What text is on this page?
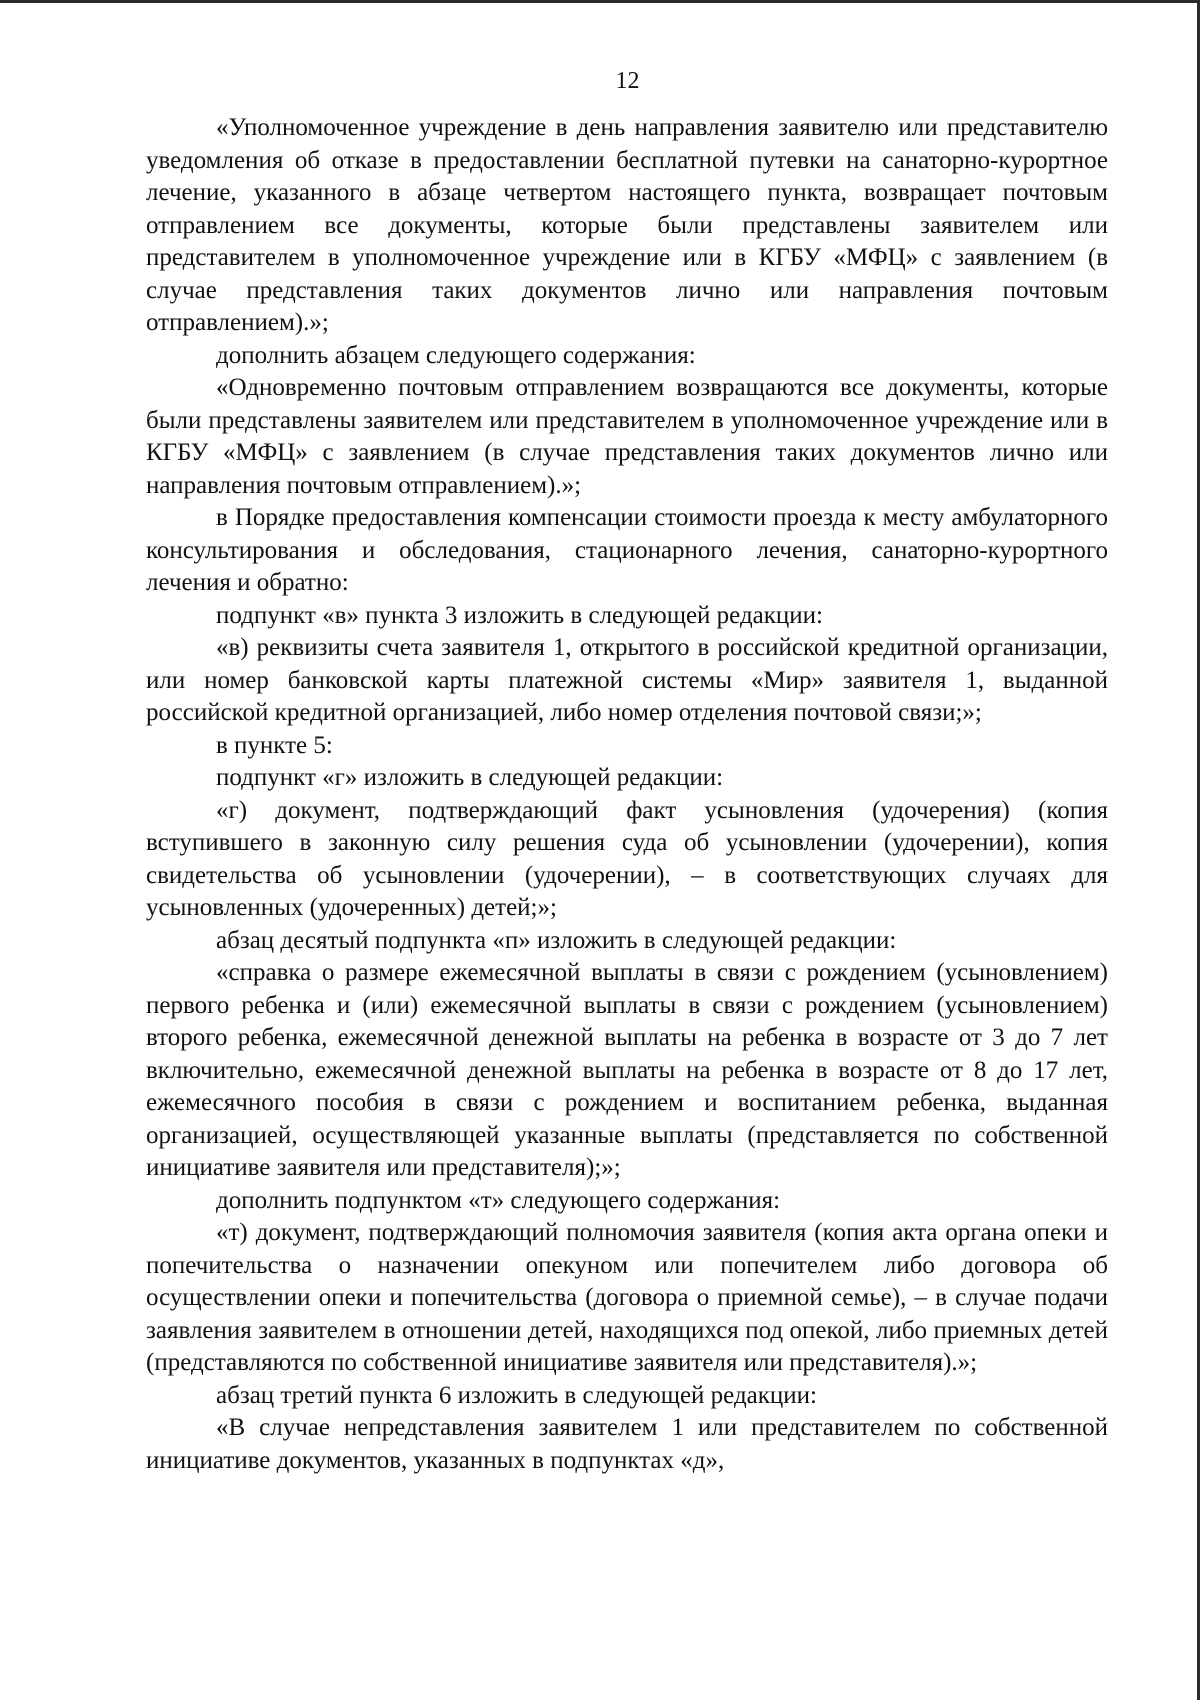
12

«Уполномоченное учреждение в день направления заявителю или представителю уведомления об отказе в предоставлении бесплатной путевки на санаторно-курортное лечение, указанного в абзаце четвертом настоящего пункта, возвращает почтовым отправлением все документы, которые были представлены заявителем или представителем в уполномоченное учреждение или в КГБУ «МФЦ» с заявлением (в случае представления таких документов лично или направления почтовым отправлением).»;

дополнить абзацем следующего содержания:

«Одновременно почтовым отправлением возвращаются все документы, которые были представлены заявителем или представителем в уполномоченное учреждение или в КГБУ «МФЦ» с заявлением (в случае представления таких документов лично или направления почтовым отправлением).»;

в Порядке предоставления компенсации стоимости проезда к месту амбулаторного консультирования и обследования, стационарного лечения, санаторно-курортного лечения и обратно:

подпункт «в» пункта 3 изложить в следующей редакции:

«в) реквизиты счета заявителя 1, открытого в российской кредитной организации, или номер банковской карты платежной системы «Мир» заявителя 1, выданной российской кредитной организацией, либо номер отделения почтовой связи;»;

в пункте 5:

подпункт «г» изложить в следующей редакции:

«г) документ, подтверждающий факт усыновления (удочерения) (копия вступившего в законную силу решения суда об усыновлении (удочерении), копия свидетельства об усыновлении (удочерении), – в соответствующих случаях для усыновленных (удочеренных) детей;»;

абзац десятый подпункта «п» изложить в следующей редакции:

«справка о размере ежемесячной выплаты в связи с рождением (усыновлением) первого ребенка и (или) ежемесячной выплаты в связи с рождением (усыновлением) второго ребенка, ежемесячной денежной выплаты на ребенка в возрасте от 3 до 7 лет включительно, ежемесячной денежной выплаты на ребенка в возрасте от 8 до 17 лет, ежемесячного пособия в связи с рождением и воспитанием ребенка, выданная организацией, осуществляющей указанные выплаты (представляется по собственной инициативе заявителя или представителя);»;

дополнить подпунктом «т» следующего содержания:

«т) документ, подтверждающий полномочия заявителя (копия акта органа опеки и попечительства о назначении опекуном или попечителем либо договора об осуществлении опеки и попечительства (договора о приемной семье), – в случае подачи заявления заявителем в отношении детей, находящихся под опекой, либо приемных детей (представляются по собственной инициативе заявителя или представителя).»;

абзац третий пункта 6 изложить в следующей редакции:

«В случае непредставления заявителем 1 или представителем по собственной инициативе документов, указанных в подпунктах «д»,
